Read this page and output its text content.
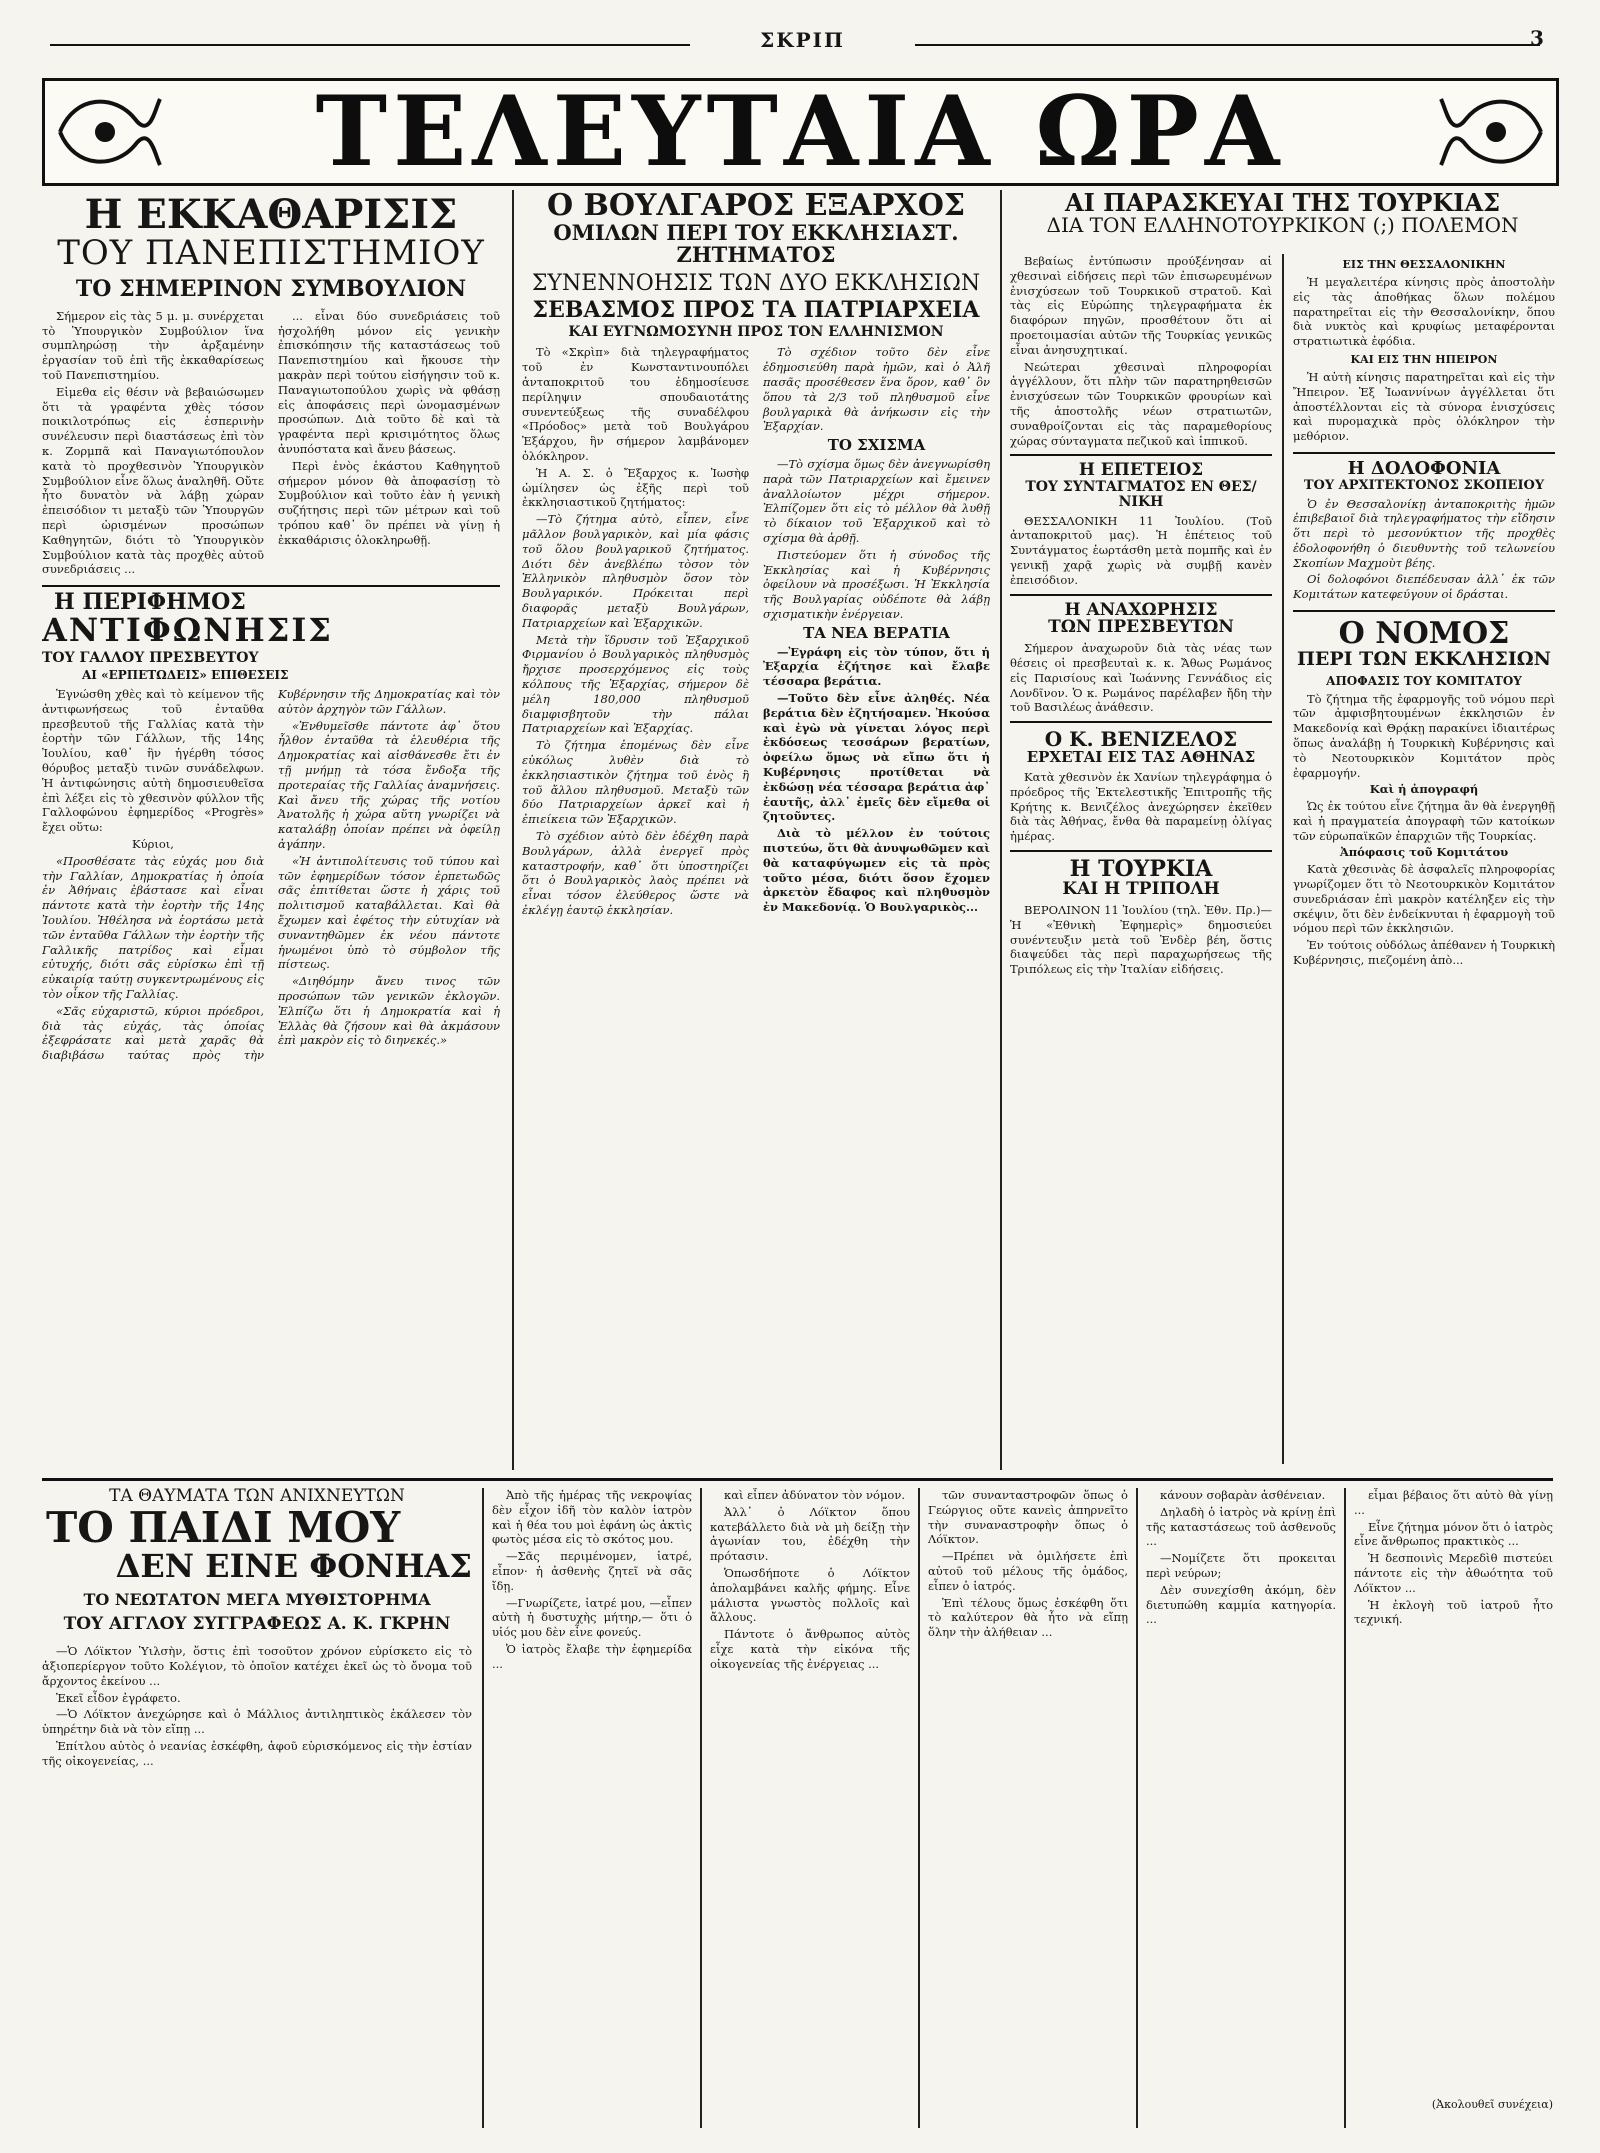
ΣΚΡΙΠ	3
ΤΕΛΕΥΤΑΙΑ ΩΡΑ
Η ΕΚΚΑΘΑΡΙΣΙΣ
ΤΟΥ ΠΑΝΕΠΙΣΤΗΜΙΟΥ
ΤΟ ΣΗΜΕΡΙΝΟΝ ΣΥΜΒΟΥΛΙΟΝ

Σήμερον εἰς τὰς 5 μ. μ. συνέρχεται τὸ Ὑπουργικὸν Συμβούλιον ἵνα συμπληρώσῃ τὴν ἀρξαμένην ἐργασίαν τοῦ ἐπὶ τῆς ἐκκαθαρίσεως τοῦ Πανεπιστημίου.

Εἰμεθα εἰς θέσιν νὰ βεβαιώσωμεν ὅτι τὰ γραφέντα χθὲς τόσον ποικιλοτρόπως εἰς ἑσπερινὴν συνέλευσιν περὶ διαστάσεως ἐπὶ τὸν κ. Ζορμπᾶ καὶ Παναγιωτόπουλον κατὰ τὸ προχθεσινὸν Ὑπουργικὸν Συμβούλιον εἶνε ὅλως ἀναληθῆ. Οὔτε ἦτο δυνατὸν νὰ λάβῃ χώραν ἐπεισόδιον τι μεταξὺ τῶν Ὑπουργῶν περὶ ὡρισμένων προσώπων Καθηγητῶν, διότι τὸ Ὑπουργικὸν Συμβούλιον κατὰ τὰς προχθὲς αὐτοῦ συνεδριάσεις ...

... εἶναι δύο συνεδριάσεις τοῦ ἠσχολήθη μόνον εἰς γενικὴν ἐπισκόπησιν τῆς καταστάσεως τοῦ Πανεπιστημίου καὶ ἤκουσε τὴν μακρὰν περὶ τούτου εἰσήγησιν τοῦ κ. Παναγιωτοπούλου χωρὶς νὰ φθάσῃ εἰς ἀποφάσεις περὶ ὠνομασμένων προσώπων. Διὰ τοῦτο δὲ καὶ τὰ γραφέντα περὶ κρισιμότητος ὅλως ἀνυπόστατα καὶ ἄνευ βάσεως.

Περὶ ἑνὸς ἑκάστου Καθηγητοῦ σήμερον μόνον θὰ ἀποφασίσῃ τὸ Συμβούλιον καὶ τοῦτο ἐὰν ἡ γενικὴ συζήτησις περὶ τῶν μέτρων καὶ τοῦ τρόπου καθ᾽ ὃν πρέπει νὰ γίνῃ ἡ ἐκκαθάρισις ὁλοκληρωθῇ.

Η ΠΕΡΙΦΗΜΟΣ
ΑΝΤΙΦΩΝΗΣΙΣ
ΤΟΥ ΓΑΛΛΟΥ ΠΡΕΣΒΕΥΤΟΥ
ΑΙ «ΕΡΠΕΤΩΔΕΙΣ» ΕΠΙΘΕΣΕΙΣ

Ἐγνώσθη χθὲς καὶ τὸ κείμενον τῆς ἀντιφωνήσεως τοῦ ἐνταῦθα πρεσβευτοῦ τῆς Γαλλίας κατὰ τὴν ἑορτὴν τῶν Γάλλων, τῆς 14ης Ἰουλίου, καθ᾽ ἣν ἠγέρθη τόσος θόρυβος μεταξὺ τινῶν συνάδελφων. Ἡ ἀντιφώνησις αὐτὴ δημοσιευθεῖσα ἐπὶ λέξει εἰς τὸ χθεσινὸν φύλλον τῆς Γαλλοφώνου ἐφημερίδος «Progrès» ἔχει οὕτω:

Κύριοι,

«Προσθέσατε τὰς εὐχάς μου διὰ τὴν Γαλλίαν, Δημοκρατίας ἡ ὁποία ἐν Ἀθήναις ἐβάστασε καὶ εἶναι πάντοτε κατὰ τὴν ἑορτὴν τῆς 14ης Ἰουλίου. Ἠθέλησα νὰ ἑορτάσω μετὰ τῶν ἐνταῦθα Γάλλων τὴν ἑορτὴν τῆς Γαλλικῆς πατρίδος καὶ εἶμαι εὐτυχής, διότι σᾶς εὑρίσκω ἐπὶ τῇ εὐκαιρίᾳ ταύτῃ συγκεντρωμένους εἰς τὸν οἶκον τῆς Γαλλίας.

«Σᾶς εὐχαριστῶ, κύριοι πρόεδροι, διὰ τὰς εὐχάς, τὰς ὁποίας ἐξεφράσατε καὶ μετὰ χαρᾶς θὰ διαβιβάσω ταύτας πρὸς τὴν Κυβέρνησιν τῆς Δημοκρατίας καὶ τὸν αὐτὸν ἀρχηγὸν τῶν Γάλλων.

«Ἐνθυμεῖσθε πάντοτε ἀφ᾽ ὅτου ἦλθον ἐνταῦθα τὰ ἐλευθέρια τῆς Δημοκρατίας καὶ αἰσθάνεσθε ἔτι ἐν τῇ μνήμῃ τὰ τόσα ἔνδοξα τῆς προτεραίας τῆς Γαλλίας ἀναμνήσεις. Καὶ ἄνευ τῆς χώρας τῆς νοτίου Ἀνατολῆς ἡ χώρα αὕτη γνωρίζει νὰ καταλάβῃ ὁποίαν πρέπει νὰ ὀφείλῃ ἀγάπην.

«Ἡ ἀντιπολίτευσις τοῦ τύπου καὶ τῶν ἐφημερίδων τόσον ἐρπετωδῶς σᾶς ἐπιτίθεται ὥστε ἡ χάρις τοῦ πολιτισμοῦ καταβάλλεται. Καὶ θὰ ἔχωμεν καὶ ἐφέτος τὴν εὐτυχίαν νὰ συναντηθῶμεν ἐκ νέου πάντοτε ἡνωμένοι ὑπὸ τὸ σύμβολον τῆς πίστεως.

«Διηθόμην ἄνευ τινος τῶν προσώπων τῶν γενικῶν ἐκλογῶν. Ἐλπίζω ὅτι ἡ Δημοκρατία καὶ ἡ Ἑλλὰς θὰ ζήσουν καὶ θὰ ἀκμάσουν ἐπὶ μακρὸν εἰς τὸ διηνεκές.»

Ο ΒΟΥΛΓΑΡΟΣ ΕΞΑΡΧΟΣ
ΟΜΙΛΩΝ ΠΕΡΙ ΤΟΥ ΕΚΚΛΗΣΙΑΣΤ. ΖΗΤΗΜΑΤΟΣ
ΣΥΝΕΝΝΟΗΣΙΣ ΤΩΝ ΔΥΟ ΕΚΚΛΗΣΙΩΝ
ΣΕΒΑΣΜΟΣ ΠΡΟΣ ΤΑ ΠΑΤΡΙΑΡΧΕΙΑ
ΚΑΙ ΕΥΓΝΩΜΟΣΥΝΗ ΠΡΟΣ ΤΟΝ ΕΛΛΗΝΙΣΜΟΝ

Τὸ «Σκρὶπ» διὰ τηλεγραφήματος τοῦ ἐν Κωνσταντινουπόλει ἀνταποκριτοῦ του ἐδημοσίευσε περίληψιν σπουδαιοτάτης συνεντεύξεως τῆς συναδέλφου «Πρόοδος» μετὰ τοῦ Βουλγάρου Ἐξάρχου, ἣν σήμερον λαμβάνομεν ὁλόκληρον.

Ἡ Α. Σ. ὁ Ἔξαρχος κ. Ἰωσὴφ ὡμίλησεν ὡς ἑξῆς περὶ τοῦ ἐκκλησιαστικοῦ ζητήματος:

—Τὸ ζήτημα αὐτὸ, εἶπεν, εἶνε μᾶλλον βουλγαρικὸν, καὶ μία φάσις τοῦ ὅλου βουλγαρικοῦ ζητήματος. Διότι δὲν ἀνεβλέπω τὸσον τὸν Ἑλληνικὸν πληθυσμὸν ὅσον τὸν Βουλγαρικόν. Πρόκειται περὶ διαφορᾶς μεταξὺ Βουλγάρων, Πατριαρχείων καὶ Ἐξαρχικῶν.

Μετὰ τὴν ἵδρυσιν τοῦ Ἐξαρχικοῦ Φιρμανίου ὁ Βουλγαρικὸς πληθυσμὸς ἤρχισε προσερχόμενος εἰς τοὺς κόλπους τῆς Ἐξαρχίας, σήμερον δὲ μέλη 180,000 πληθυσμοῦ διαμφισβητοῦν τὴν πάλαι Πατριαρχείων καὶ Ἐξαρχίας.

Τὸ ζήτημα ἐπομένως δὲν εἶνε εὐκόλως λυθὲν διὰ τὸ ἐκκλησιαστικὸν ζήτημα τοῦ ἑνὸς ἢ τοῦ ἄλλου πληθυσμοῦ. Μεταξὺ τῶν δύο Πατριαρχείων ἀρκεῖ καὶ ἡ ἐπιείκεια τῶν Ἐξαρχικῶν.

Τὸ σχέδιον αὐτὸ δὲν ἐδέχθη παρὰ Βουλγάρων, ἀλλὰ ἐνεργεῖ πρὸς καταστροφήν, καθ᾽ ὅτι ὑποστηρίζει ὅτι ὁ Βουλγαρικὸς λαὸς πρέπει νὰ εἶναι τόσον ἐλεύθερος ὥστε νὰ ἐκλέγῃ ἑαυτῷ ἐκκλησίαν.

Τὸ σχέδιον τοῦτο δὲν εἶνε ἐδημοσιεύθη παρὰ ἡμῶν, καὶ ὁ Ἀλῆ πασᾶς προσέθεσεν ἕνα ὅρον, καθ᾽ ὃν ὅπου τὰ 2/3 τοῦ πληθυσμοῦ εἶνε βουλγαρικὰ θὰ ἀνήκωσιν εἰς τὴν Ἐξαρχίαν.

ΤΟ ΣΧΙΣΜΑ

—Τὸ σχίσμα ὅμως δὲν ἀνεγνωρίσθη παρὰ τῶν Πατριαρχείων καὶ ἔμεινεν ἀναλλοίωτον μέχρι σήμερον. Ἐλπίζομεν ὅτι εἰς τὸ μέλλον θὰ λυθῇ τὸ δίκαιον τοῦ Ἐξαρχικοῦ καὶ τὸ σχίσμα θὰ ἀρθῇ.

Πιστεύομεν ὅτι ἡ σύνοδος τῆς Ἐκκλησίας καὶ ἡ Κυβέρνησις ὀφείλουν νὰ προσέξωσι. Ἡ Ἐκκλησία τῆς Βουλγαρίας οὐδέποτε θὰ λάβῃ σχισματικὴν ἐνέργειαν.

ΤΑ ΝΕΑ ΒΕΡΑΤΙΑ

—Ἐγράφη εἰς τὸν τύπον, ὅτι ἡ Ἐξαρχία ἐζήτησε καὶ ἔλαβε τέσσαρα βεράτια.

—Τοῦτο δὲν εἶνε ἀληθές. Νέα βεράτια δὲν ἐζητήσαμεν. Ἠκούσα καὶ ἐγὼ νὰ γίνεται λόγος περὶ ἐκδόσεως τεσσάρων βερατίων, ὀφείλω ὅμως νὰ εἴπω ὅτι ἡ Κυβέρνησις προτίθεται νὰ ἐκδώσῃ νέα τέσσαρα βεράτια ἀφ᾽ ἑαυτῆς, ἀλλ᾽ ἐμεῖς δὲν εἴμεθα οἱ ζητοῦντες.

Διὰ τὸ μέλλον ἐν τούτοις πιστεύω, ὅτι θὰ ἀνυψωθῶμεν καὶ θὰ καταφύγωμεν εἰς τὰ πρὸς τοῦτο μέσα, διότι ὅσον ἔχομεν ἀρκετὸν ἔδαφος καὶ πληθυσμὸν ἐν Μακεδονίᾳ. Ὁ Βουλγαρικὸς...

ΑΙ ΠΑΡΑΣΚΕΥΑΙ ΤΗΣ ΤΟΥΡΚΙΑΣ
ΔΙΑ ΤΟΝ ΕΛΛΗΝΟΤΟΥΡΚΙΚΟΝ (;) ΠΟΛΕΜΟΝ

Βεβαίως ἐντύπωσιν προύξένησαν αἱ χθεσιναὶ εἰδήσεις περὶ τῶν ἐπισωρευμένων ἐνισχύσεων τοῦ Τουρκικοῦ στρατοῦ. Καὶ τὰς εἰς Εὐρώπης τηλεγραφήματα ἐκ διαφόρων πηγῶν, προσθέτουν ὅτι αἱ προετοιμασίαι αὐτῶν τῆς Τουρκίας γενικῶς εἶναι ἀνησυχητικαί.

Νεώτεραι χθεσιναὶ πληροφορίαι ἀγγέλλουν, ὅτι πλὴν τῶν παρατηρηθεισῶν ἐνισχύσεων τῶν Τουρκικῶν φρουρίων καὶ τῆς ἀποστολῆς νέων στρατιωτῶν, συναθροίζονται εἰς τὰς παραμεθορίους χώρας σύνταγματα πεζικοῦ καὶ ἱππικοῦ.

Η ΕΠΕΤΕΙΟΣ
ΤΟΥ ΣΥΝΤΑΓΜΑΤΟΣ ΕΝ ΘΕΣ/ΝΙΚΗ

ΘΕΣΣΑΛΟΝΙΚΗ 11 Ἰουλίου. (Τοῦ ἀνταποκριτοῦ μας). Ἡ ἐπέτειος τοῦ Συντάγματος ἑωρτάσθη μετὰ πομπῆς καὶ ἐν γενικῇ χαρᾷ χωρὶς νὰ συμβῇ κανὲν ἐπεισόδιον.

Η ΑΝΑΧΩΡΗΣΙΣ
ΤΩΝ ΠΡΕΣΒΕΥΤΩΝ

Σήμερον ἀναχωροῦν διὰ τὰς νέας των θέσεις οἱ πρεσβευταὶ κ. κ. Ἄθως Ρωμάνος εἰς Παρισίους καὶ Ἰωάννης Γεννάδιος εἰς Λονδῖνον. Ὁ κ. Ρωμάνος παρέλαβεν ἤδη τὴν τοῦ Βασιλέως ἀνάθεσιν.

Ο Κ. ΒΕΝΙΖΕΛΟΣ
ΕΡΧΕΤΑΙ ΕΙΣ ΤΑΣ ΑΘΗΝΑΣ

Κατὰ χθεσινὸν ἐκ Χανίων τηλεγράφημα ὁ πρόεδρος τῆς Ἐκτελεστικῆς Ἐπιτροπῆς τῆς Κρήτης κ. Βενιζέλος ἀνεχώρησεν ἐκεῖθεν διὰ τὰς Ἀθήνας, ἔνθα θὰ παραμείνῃ ὀλίγας ἡμέρας.

Η ΤΟΥΡΚΙΑ
ΚΑΙ Η ΤΡΙΠΟΛΗ

ΒΕΡΟΛΙΝΟΝ 11 Ἰουλίου (τηλ. Ἐθν. Πρ.)—Ἡ «Ἐθνικὴ Ἐφημερὶς» δημοσιεύει συνέντευξιν μετὰ τοῦ Ἐνδὲρ βέη, ὅστις διαψεύδει τὰς περὶ παραχωρήσεως τῆς Τριπόλεως εἰς τὴν Ἰταλίαν εἰδήσεις.

ΕΙΣ ΤΗΝ ΘΕΣΣΑΛΟΝΙΚΗΝ

Ἡ μεγαλειτέρα κίνησις πρὸς ἀποστολὴν εἰς τὰς ἀποθήκας ὅλων πολέμου παρατηρεῖται εἰς τὴν Θεσσαλονίκην, ὅπου διὰ νυκτὸς καὶ κρυφίως μεταφέρονται στρατιωτικὰ ἐφόδια.

ΚΑΙ ΕΙΣ ΤΗΝ ΗΠΕΙΡΟΝ

Ἡ αὐτὴ κίνησις παρατηρεῖται καὶ εἰς τὴν Ἤπειρον. Ἐξ Ἰωαννίνων ἀγγέλλεται ὅτι ἀποστέλλονται εἰς τὰ σύνορα ἐνισχύσεις καὶ πυρομαχικὰ πρὸς ὁλόκληρον τὴν μεθόριον.

Η ΔΟΛΟΦΟΝΙΑ
ΤΟΥ ΑΡΧΙΤΕΚΤΟΝΟΣ ΣΚΟΠΕΙΟΥ

Ὁ ἐν Θεσσαλονίκῃ ἀνταποκριτὴς ἡμῶν ἐπιβεβαιοῖ διὰ τηλεγραφήματος τὴν εἴδησιν ὅτι περὶ τὸ μεσονύκτιον τῆς προχθὲς ἐδολοφονήθη ὁ διευθυντὴς τοῦ τελωνείου Σκοπίων Μαχμοὺτ βέης.

Οἱ δολοφόνοι διεπέδευσαν ἀλλ᾽ ἐκ τῶν Κομιτάτων κατεφεύγουν οἱ δράσται.

Ο ΝΟΜΟΣ
ΠΕΡΙ ΤΩΝ ΕΚΚΛΗΣΙΩΝ
ΑΠΟΦΑΣΙΣ ΤΟΥ ΚΟΜΙΤΑΤΟΥ

Τὸ ζήτημα τῆς ἐφαρμογῆς τοῦ νόμου περὶ τῶν ἀμφισβητουμένων ἐκκλησιῶν ἐν Μακεδονίᾳ καὶ Θρᾴκῃ παρακίνει ἰδιαιτέρως ὅπως ἀναλάβῃ ἡ Τουρκικὴ Κυβέρνησις καὶ τὸ Νεοτουρκικὸν Κομιτάτον πρὸς ἐφαρμογήν.

Καὶ ἡ ἀπογραφή

Ὡς ἐκ τούτου εἶνε ζήτημα ἂν θὰ ἐνεργηθῇ καὶ ἡ πραγματεία ἀπογραφὴ τῶν κατοίκων τῶν εὐρωπαϊκῶν ἐπαρχιῶν τῆς Τουρκίας.

Ἀπόφασις τοῦ Κομιτάτου

Κατὰ χθεσινὰς δὲ ἀσφαλεῖς πληροφορίας γνωρίζομεν ὅτι τὸ Νεοτουρκικὸν Κομιτάτον συνεδριάσαν ἐπὶ μακρὸν κατέληξεν εἰς τὴν σκέψιν, ὅτι δὲν ἐνδείκνυται ἡ ἐφαρμογὴ τοῦ νόμου περὶ τῶν ἐκκλησιῶν.

Ἐν τούτοις οὐδόλως ἀπέθανεν ἡ Τουρκικὴ Κυβέρνησις, πιεζομένη ἀπὸ...

ΤΑ ΘΑΥΜΑΤΑ ΤΩΝ ΑΝΙΧΝΕΥΤΩΝ
ΤΟ ΠΑΙΔΙ ΜΟΥ
ΔΕΝ ΕΙΝΕ ΦΟΝΗΑΣ
ΤΟ ΝΕΩΤΑΤΟΝ ΜΕΓΑ ΜΥΘΙΣΤΟΡΗΜΑ
ΤΟΥ ΑΓΓΛΟΥ ΣΥΓΓΡΑΦΕΩΣ Α. Κ. ΓΚΡΗΝ

—Ὁ Λόϊκτον Ὑιλσὴν, ὅστις ἐπὶ τοσοῦτον χρόνον εὑρίσκετο εἰς τὸ ἀξιοπερίεργον τοῦτο Κολέγιον, τὸ ὁποῖον κατέχει ἐκεῖ ὡς τὸ ὄνομα τοῦ ἄρχοντος ἐκείνου ...

Ἐκεῖ εἶδον ἐγράφετο.

—Ὁ Λόϊκτον ἀνεχώρησε καὶ ὁ Μάλλιος ἀντιληπτικὸς ἐκάλεσεν τὸν ὑπηρέτην διὰ νὰ τὸν εἴπῃ ...

Ἐπίτλου αὐτὸς ὁ νεανίας ἐσκέφθη, ἀφοῦ εὑρισκόμενος εἰς τὴν ἑστίαν τῆς οἰκογενείας, ...

Ἀπὸ τῆς ἡμέρας τῆς νεκροψίας δὲν εἶχον ἰδῆ τὸν καλὸν ἰατρὸν καὶ ἡ θέα του μοὶ ἐφάνη ὡς ἀκτὶς φωτὸς μέσα εἰς τὸ σκότος μου.

—Σᾶς περιμένομεν, ἰατρέ, εἶπον· ἡ ἀσθενὴς ζητεῖ νὰ σᾶς ἴδῃ.

—Γνωρίζετε, ἰατρέ μου, —εἶπεν αὐτὴ ἡ δυστυχὴς μήτηρ,— ὅτι ὁ υἱός μου δὲν εἶνε φονεύς.

Ὁ ἰατρὸς ἔλαβε τὴν ἐφημερίδα ...

καὶ εἶπεν ἀδύνατον τὸν νόμον.

Ἀλλ᾽ ὁ Λόϊκτον ὅπου κατεβάλλετο διὰ νὰ μὴ δείξῃ τὴν ἀγωνίαν του, ἐδέχθη τὴν πρότασιν.

Ὁπωσδήποτε ὁ Λόϊκτον ἀπολαμβάνει καλῆς φήμης. Εἶνε μάλιστα γνωστὸς πολλοῖς καὶ ἄλλους.

Πάντοτε ὁ ἄνθρωπος αὐτὸς εἶχε κατὰ τὴν εἰκόνα τῆς οἰκογενείας τῆς ἐνέργειας ...

τῶν συνανταστροφῶν ὅπως ὁ Γεώργιος οὔτε κανεὶς ἀπηρνεῖτο τὴν συναναστροφὴν ὅπως ὁ Λόϊκτον.

—Πρέπει νὰ ὁμιλήσετε ἐπὶ αὐτοῦ τοῦ μέλους τῆς ὁμάδος, εἶπεν ὁ ἰατρός.

Ἐπὶ τέλους ὅμως ἐσκέφθη ὅτι τὸ καλύτερον θὰ ἦτο νὰ εἴπῃ ὅλην τὴν ἀλήθειαν ...

κάνουν σοβαρὰν ἀσθένειαν.

Δηλαδὴ ὁ ἰατρὸς νὰ κρίνῃ ἐπὶ τῆς καταστάσεως τοῦ ἀσθενοῦς ...

—Νομίζετε ὅτι προκειται περὶ νεύρων;

Δὲν συνεχίσθη ἀκόμη, δὲν διετυπώθη καμμία κατηγορία. ...

εἶμαι βέβαιος ὅτι αὐτὸ θὰ γίνῃ ...

Εἶνε ζήτημα μόνον ὅτι ὁ ἰατρὸς εἶνε ἄνθρωπος πρακτικὸς ...

Ἡ δεσποινὶς Μερεδὶθ πιστεύει πάντοτε εἰς τὴν ἀθωότητα τοῦ Λόϊκτον ...

Ἡ ἐκλογὴ τοῦ ἰατροῦ ἦτο τεχνική.

(Ἀκολουθεῖ συνέχεια)
